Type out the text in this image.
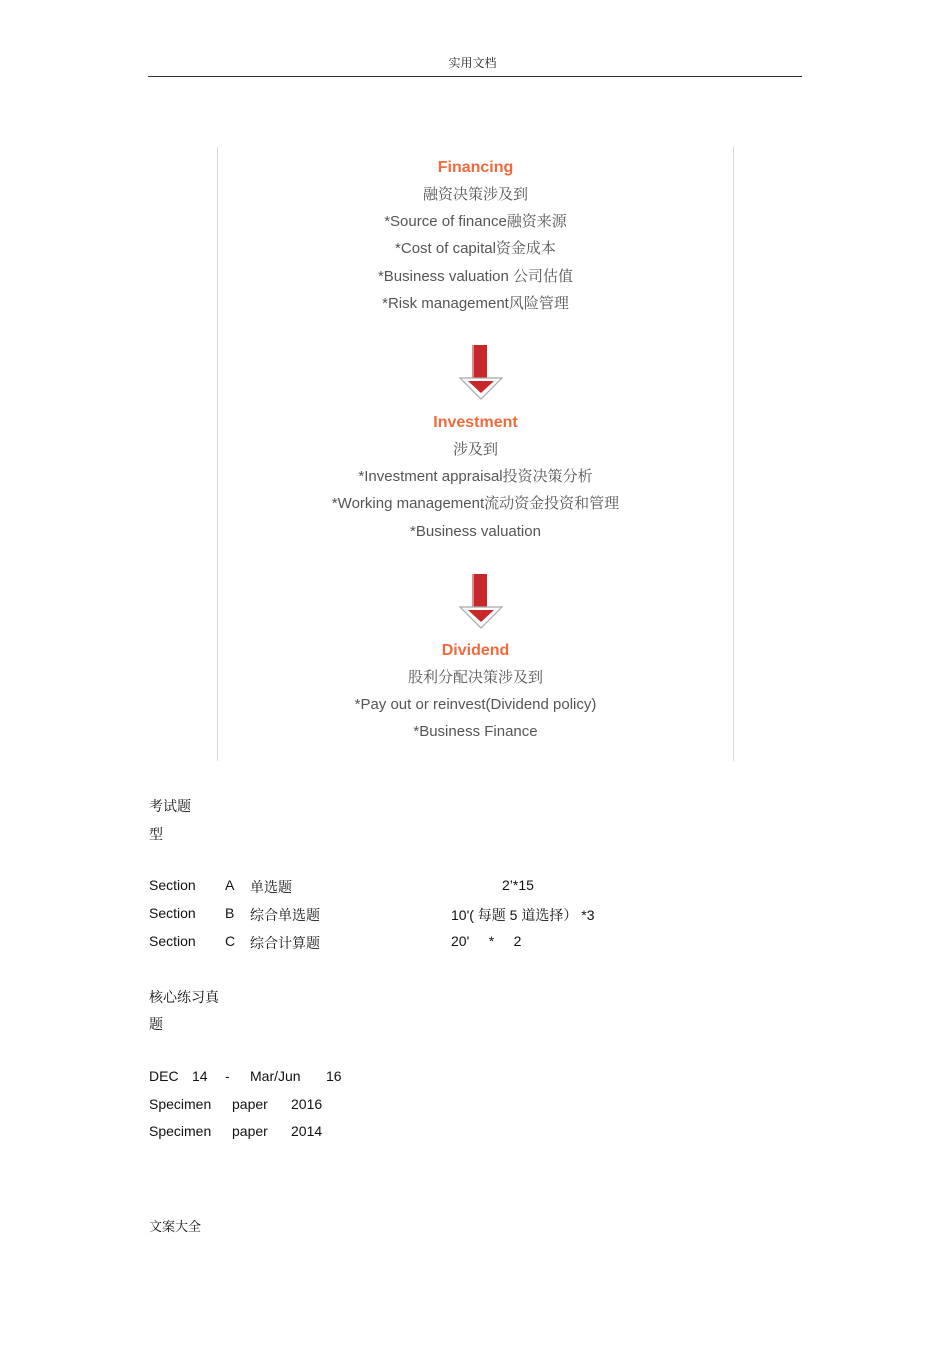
实用文档
Financing
融资决策涉及到
*Source of finance融资来源
*Cost of capital资金成本
*Business valuation 公司估值
*Risk management风险管理
Investment
涉及到
*Investment appraisal投资决策分析
*Working management流动资金投资和管理
*Business valuation
Dividend
股利分配决策涉及到
*Pay out or reinvest(Dividend policy)
*Business Finance
考试题
型
Section A 单选题	2’*15
Section B 综合单选题	10'( 每题 5 道选择） *3
Section C 综合计算题	20'     *     2
核心练习真
题
DEC 14 - Mar/Jun 16
Specimen paper 2016
Specimen paper 2014
文案大全
